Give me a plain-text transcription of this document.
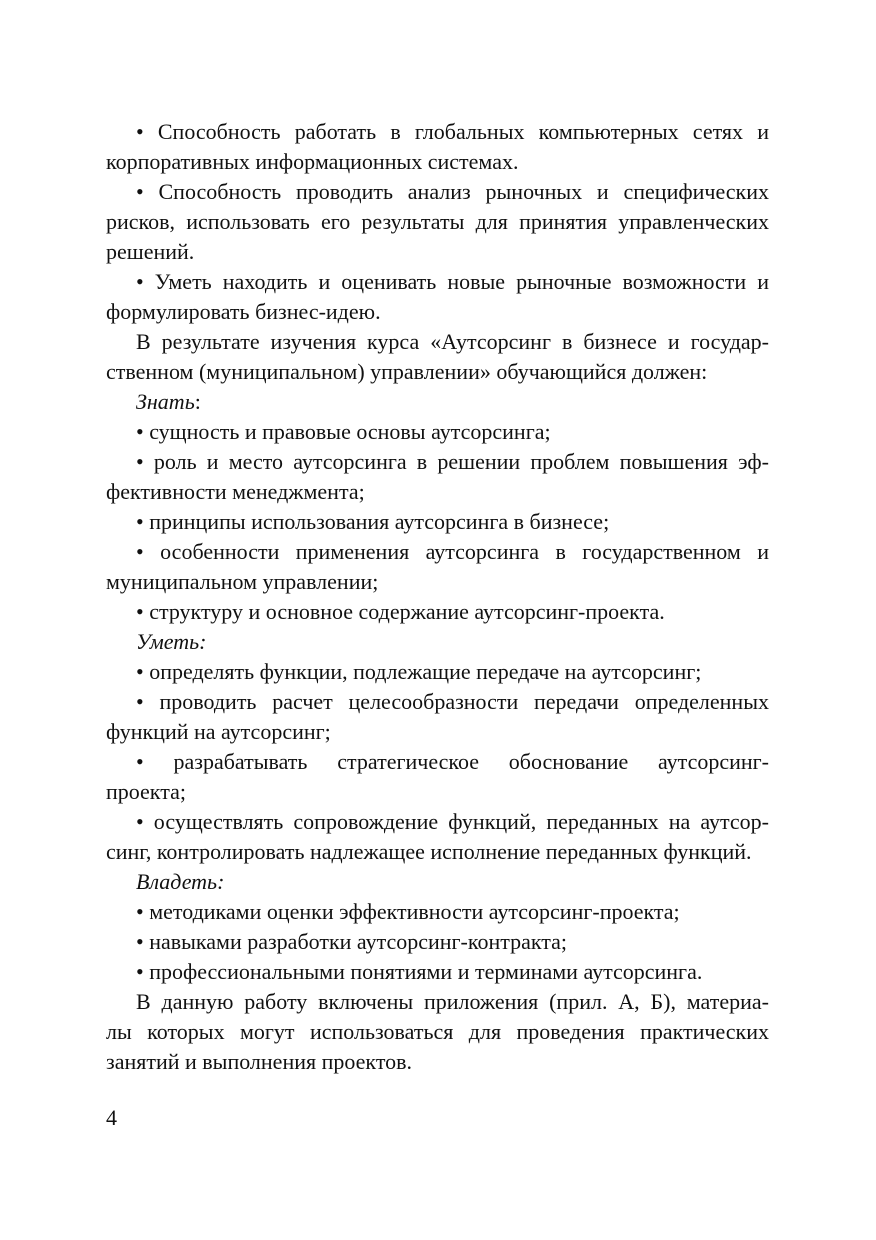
• Способность работать в глобальных компьютерных сетях и
корпоративных информационных системах.
• Способность проводить анализ рыночных и специфических
рисков, использовать его результаты для принятия управленческих
решений.
• Уметь находить и оценивать новые рыночные возможности и
формулировать бизнес-идею.
В результате изучения курса «Аутсорсинг в бизнесе и государ-
ственном (муниципальном) управлении» обучающийся должен:
Знать:
• сущность и правовые основы аутсорсинга;
• роль и место аутсорсинга в решении проблем повышения эф-
фективности менеджмента;
• принципы использования аутсорсинга в бизнесе;
• особенности применения аутсорсинга в государственном и
муниципальном управлении;
• структуру и основное содержание аутсорсинг-проекта.
Уметь:
• определять функции, подлежащие передаче на аутсорсинг;
• проводить расчет целесообразности передачи определенных
функций на аутсорсинг;
• разрабатывать стратегическое обоснование аутсорсинг-
проекта;
• осуществлять сопровождение функций, переданных на аутсор-
синг, контролировать надлежащее исполнение переданных функций.
Владеть:
• методиками оценки эффективности аутсорсинг-проекта;
• навыками разработки аутсорсинг-контракта;
• профессиональными понятиями и терминами аутсорсинга.
В данную работу включены приложения (прил. А, Б), материа-
лы которых могут использоваться для проведения практических
занятий и выполнения проектов.
4
